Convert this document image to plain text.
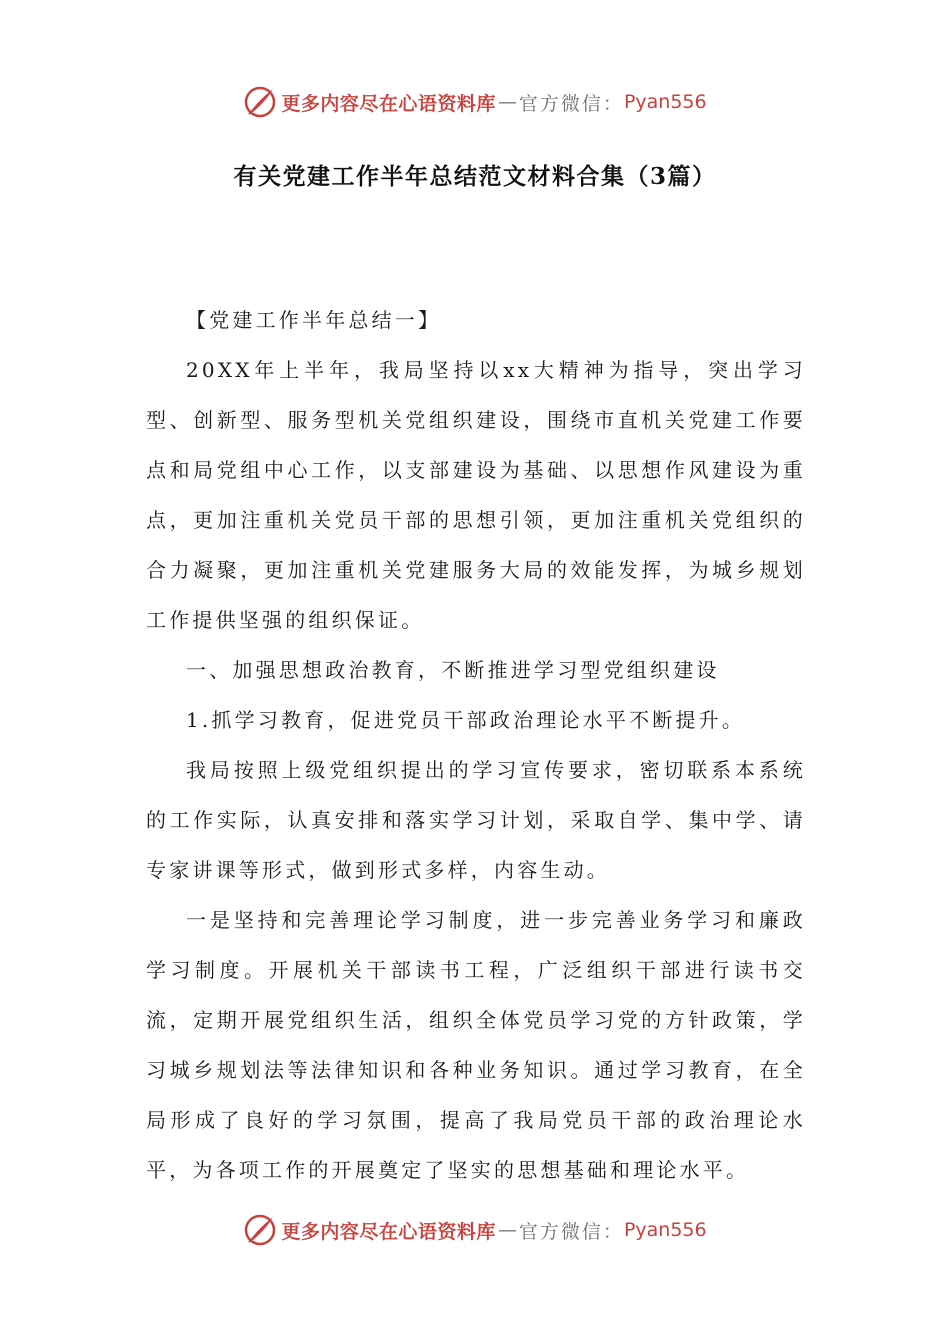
更多内容尽在心语资料库 — 官方微信： Pyan556
有关党建工作半年总结范文材料合集（3篇）

【党建工作半年总结一】

20XX年上半年，我局坚持以xx大精神为指导，突出学习型、创新型、服务型机关党组织建设，围绕市直机关党建工作要点和局党组中心工作，以支部建设为基础、以思想作风建设为重点，更加注重机关党员干部的思想引领，更加注重机关党组织的合力凝聚，更加注重机关党建服务大局的效能发挥，为城乡规划工作提供坚强的组织保证。

一、加强思想政治教育，不断推进学习型党组织建设

1.抓学习教育，促进党员干部政治理论水平不断提升。

我局按照上级党组织提出的学习宣传要求，密切联系本系统的工作实际，认真安排和落实学习计划，采取自学、集中学、请专家讲课等形式，做到形式多样，内容生动。

一是坚持和完善理论学习制度，进一步完善业务学习和廉政学习制度。开展机关干部读书工程，广泛组织干部进行读书交流，定期开展党组织生活，组织全体党员学习党的方针政策，学习城乡规划法等法律知识和各种业务知识。通过学习教育，在全局形成了良好的学习氛围，提高了我局党员干部的政治理论水平，为各项工作的开展奠定了坚实的思想基础和理论水平。

更多内容尽在心语资料库 — 官方微信： Pyan556
